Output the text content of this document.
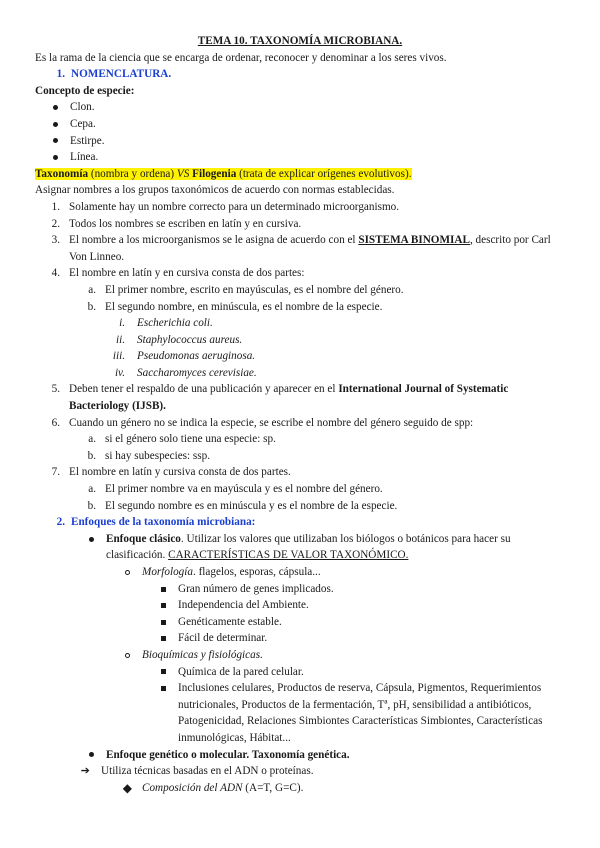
TEMA 10. TAXONOMÍA MICROBIANA.
Es la rama de la ciencia que se encarga de ordenar, reconocer y denominar a los seres vivos.
1. NOMENCLATURA.
Concepto de especie:
Clon.
Cepa.
Estirpe.
Línea.
Taxonomía (nombra y ordena) VS Filogenia (trata de explicar orígenes evolutivos).
Asignar nombres a los grupos taxonómicos de acuerdo con normas establecidas.
1. Solamente hay un nombre correcto para un determinado microorganismo.
2. Todos los nombres se escriben en latín y en cursiva.
3. El nombre a los microorganismos se le asigna de acuerdo con el SISTEMA BINOMIAL, descrito por Carl Von Linneo.
4. El nombre en latín y en cursiva consta de dos partes:
a. El primer nombre, escrito en mayúsculas, es el nombre del género.
b. El segundo nombre, en minúscula, es el nombre de la especie.
i.	Escherichia coli.
ii.	Staphylococcus aureus.
iii.	Pseudomonas aeruginosa.
iv.	Saccharomyces cerevisiae.
5. Deben tener el respaldo de una publicación y aparecer en el International Journal of Systematic Bacteriology (IJSB).
6. Cuando un género no se indica la especie, se escribe el nombre del género seguido de spp:
a. si el género solo tiene una especie: sp.
b. si hay subespecies: ssp.
7. El nombre en latín y cursiva consta de dos partes.
a. El primer nombre va en mayúscula y es el nombre del género.
b. El segundo nombre es en minúscula y es el nombre de la especie.
2. Enfoques de la taxonomía microbiana:
Enfoque clásico. Utilizar los valores que utilizaban los biólogos o botánicos para hacer su
clasificación. CARACTERÍSTICAS DE VALOR TAXONÓMICO.
Morfología. flagelos, esporas, cápsula...
Gran número de genes implicados.
Independencia del Ambiente.
Genéticamente estable.
Fácil de determinar.
Bioquímicas y fisiológicas.
Química de la pared celular.
Inclusiones celulares, Productos de reserva, Cápsula, Pigmentos, Requerimientos
nutricionales, Productos de la fermentación, Tª, pH, sensibilidad a antibióticos,
Patogenicidad, Relaciones Simbiontes Características Simbiontes, Características
inmunológicas, Hábitat...
Enfoque genético o molecular. Taxonomía genética.
➔ Utiliza técnicas basadas en el ADN o proteínas.
◆ Composición del ADN (A=T, G=C).
